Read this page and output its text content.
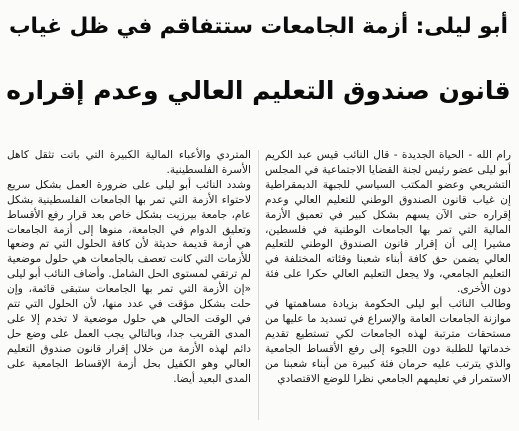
أبو ليلى: أزمة الجامعات ستتفاقم في ظل غياب
قانون صندوق التعليم العالي وعدم إقراره

رام الله - الحياة الجديدة - قال النائب قيس عبد الكريم أبو ليلى عضو رئيس لجنة القضايا الاجتماعية في المجلس التشريعي وعضو المكتب السياسي للجبهة الديمقراطية إن غياب قانون الصندوق الوطني للتعليم العالي وعدم إقراره حتى الآن يسهم بشكل كبير في تعميق الأزمة المالية التي تمر بها الجامعات الوطنية في فلسطين، مشيرا إلى أن إقرار قانون الصندوق الوطني للتعليم العالي يضمن حق كافة أبناء شعبنا وفئاته المختلفة في التعليم الجامعي، ولا يجعل التعليم العالي حكرا على فئة دون الأخرى.

وطالب النائب أبو ليلى الحكومة بزيادة مساهمتها في موازنة الجامعات العامة والإسراع في تسديد ما عليها من مستحقات مترتبة لهذه الجامعات لكي تستطيع تقديم خدماتها للطلبة دون اللجوء إلى رفع الأقساط الجامعية والذي يترتب عليه حرمان فئة كبيرة من أبناء شعبنا من الاستمرار في تعليمهم الجامعي نظرا للوضع الاقتصادي

المتردي والأعباء المالية الكبيرة التي باتت تثقل كاهل الأسرة الفلسطينية.

وشدد النائب أبو ليلى على ضرورة العمل بشكل سريع لاحتواء الأزمة التي تمر بها الجامعات الفلسطينية بشكل عام، جامعة بيرزيت بشكل خاص بعد قرار رفع الأقساط وتعليق الدوام في الجامعة، منوها إلى أزمة الجامعات هي أزمة قديمة حديثة لأن كافة الحلول التي تم وضعها للأزمات التي كانت تعصف بالجامعات هي حلول موضعية لم ترتقي لمستوى الحل الشامل. وأضاف النائب أبو ليلى «إن الأزمة التي تمر بها الجامعات ستبقى قائمة، وإن حلت بشكل مؤقت في عدد منها، لأن الحلول التي تتم في الوقت الحالي هي حلول موضعية لا تخدم إلا على المدى القريب جدا، وبالتالي يجب العمل على وضع حل دائم لهذه الأزمة من خلال إقرار قانون صندوق التعليم العالي وهو الكفيل بحل أزمة الإقساط الجامعية على المدى البعيد أيضا.
